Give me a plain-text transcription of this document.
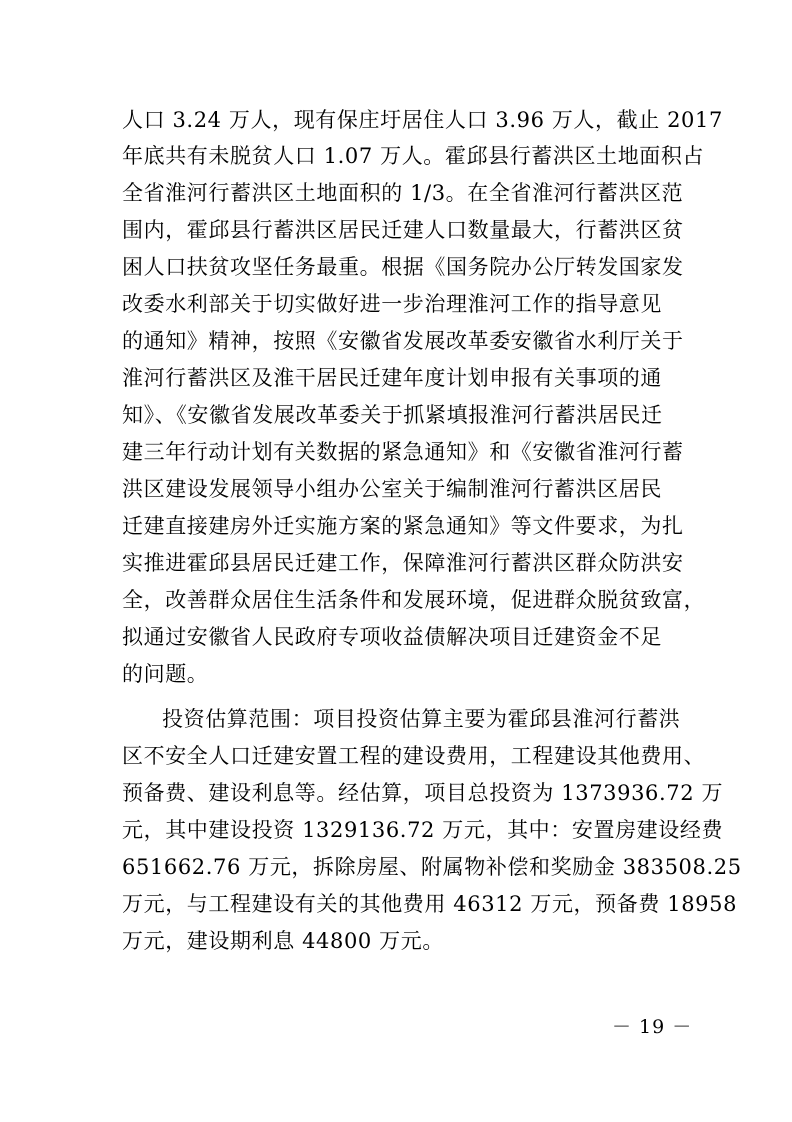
人口 3.24 万人，现有保庄圩居住人口 3.96 万人，截止 2017
年底共有未脱贫人口 1.07 万人。霍邱县行蓄洪区土地面积占
全省淮河行蓄洪区土地面积的 1/3。在全省淮河行蓄洪区范
围内，霍邱县行蓄洪区居民迁建人口数量最大，行蓄洪区贫
困人口扶贫攻坚任务最重。根据《国务院办公厅转发国家发
改委水利部关于切实做好进一步治理淮河工作的指导意见
的通知》精神，按照《安徽省发展改革委安徽省水利厅关于
淮河行蓄洪区及淮干居民迁建年度计划申报有关事项的通
知》、《安徽省发展改革委关于抓紧填报淮河行蓄洪居民迁
建三年行动计划有关数据的紧急通知》和《安徽省淮河行蓄
洪区建设发展领导小组办公室关于编制淮河行蓄洪区居民
迁建直接建房外迁实施方案的紧急通知》等文件要求，为扎
实推进霍邱县居民迁建工作，保障淮河行蓄洪区群众防洪安
全，改善群众居住生活条件和发展环境，促进群众脱贫致富，
拟通过安徽省人民政府专项收益债解决项目迁建资金不足
的问题。
投资估算范围：项目投资估算主要为霍邱县淮河行蓄洪
区不安全人口迁建安置工程的建设费用，工程建设其他费用、
预备费、建设利息等。经估算，项目总投资为 1373936.72 万
元，其中建设投资 1329136.72 万元，其中：安置房建设经费
651662.76 万元，拆除房屋、附属物补偿和奖励金 383508.25
万元，与工程建设有关的其他费用 46312 万元，预备费 18958
万元，建设期利息 44800 万元。
－ 19 －
